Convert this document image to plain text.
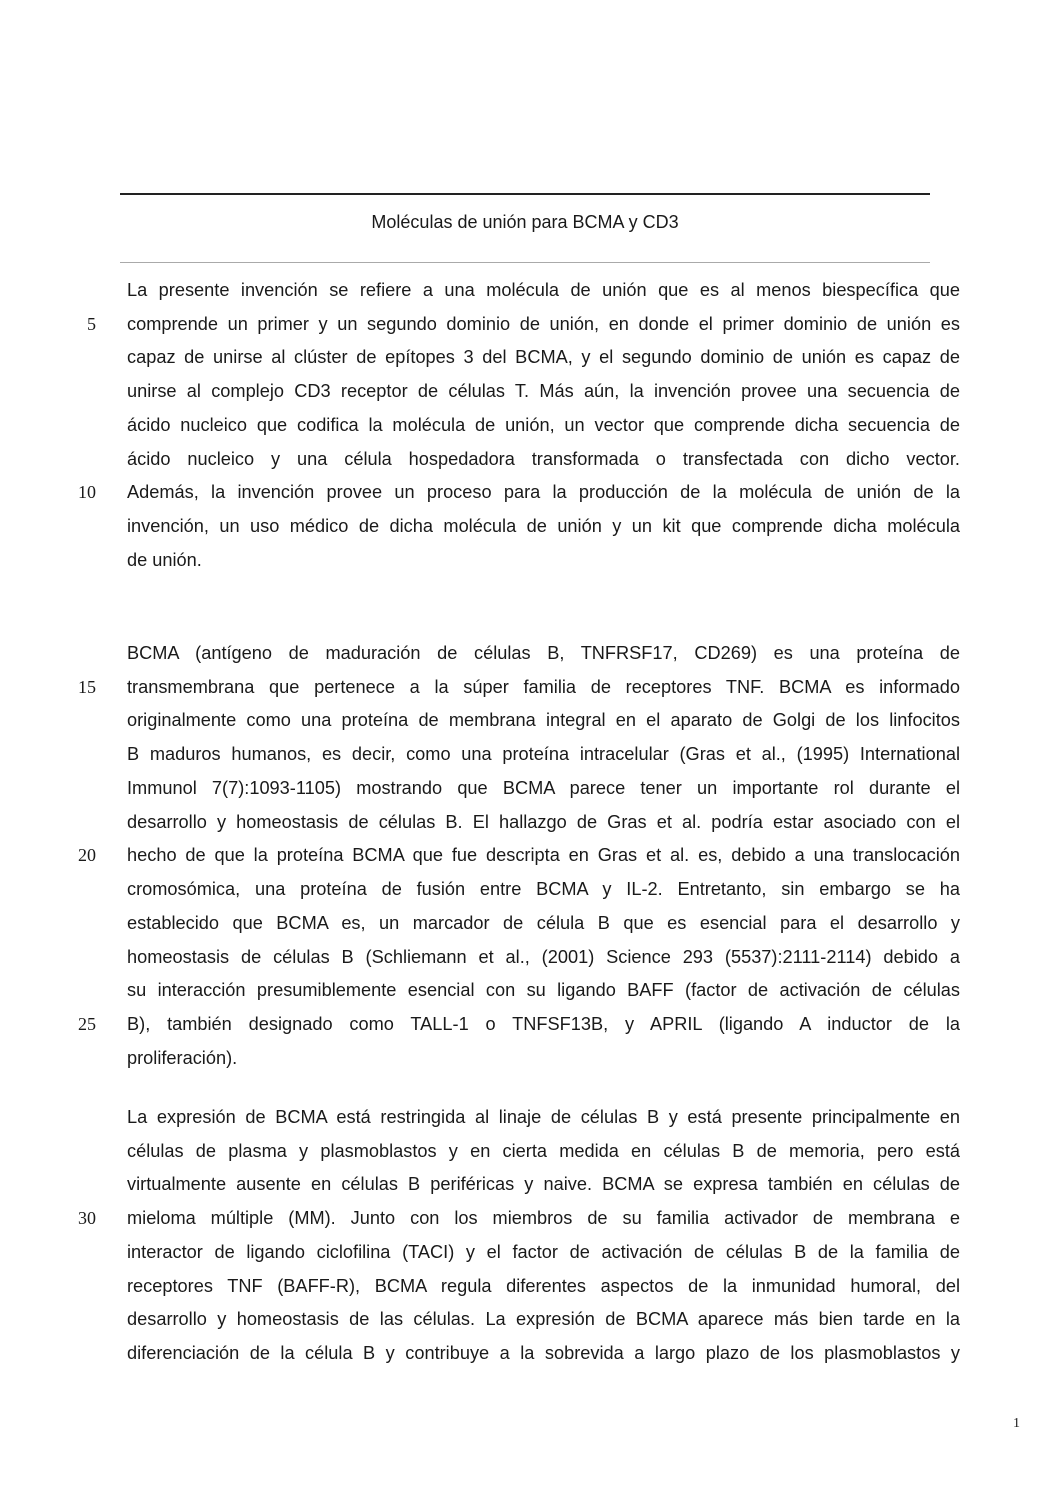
Moléculas de unión para BCMA y CD3
La presente invención se refiere a una molécula de unión que es al menos biespecífica que
comprende un primer y un segundo dominio de unión, en donde el primer dominio de unión es
capaz de unirse al clúster de epítopes 3 del BCMA, y el segundo dominio de unión es capaz de
unirse al complejo CD3 receptor de células T. Más aún, la invención provee una secuencia de
ácido nucleico que codifica la molécula de unión, un vector que comprende dicha secuencia de
ácido nucleico y una célula hospedadora transformada o transfectada con dicho vector.
Además, la invención provee un proceso para la producción de la molécula de unión de la
invención, un uso médico de dicha molécula de unión y un kit que comprende dicha molécula
de unión.
BCMA (antígeno de maduración de células B, TNFRSF17, CD269) es una proteína de
transmembrana que pertenece a la súper familia de receptores TNF. BCMA es informado
originalmente como una proteína de membrana integral en el aparato de Golgi de los linfocitos
B maduros humanos, es decir, como una proteína intracelular (Gras et al., (1995) International
Immunol 7(7):1093-1105) mostrando que BCMA parece tener un importante rol durante el
desarrollo y homeostasis de células B. El hallazgo de Gras et al. podría estar asociado con el
hecho de que la proteína BCMA que fue descripta en Gras et al. es, debido a una translocación
cromosómica, una proteína de fusión entre BCMA y IL-2. Entretanto, sin embargo se ha
establecido que BCMA es, un marcador de célula B que es esencial para el desarrollo y
homeostasis de células B (Schliemann et al., (2001) Science 293 (5537):2111-2114) debido a
su interacción presumiblemente esencial con su ligando BAFF (factor de activación de células
B), también designado como TALL-1 o TNFSF13B, y APRIL (ligando A inductor de la
proliferación).
La expresión de BCMA está restringida al linaje de células B y está presente principalmente en
células de plasma y plasmoblastos y en cierta medida en células B de memoria, pero está
virtualmente ausente en células B periféricas y naive. BCMA se expresa también en células de
mieloma múltiple (MM). Junto con los miembros de su familia activador de membrana e
interactor de ligando ciclofilina (TACI) y el factor de activación de células B de la familia de
receptores TNF (BAFF-R), BCMA regula diferentes aspectos de la inmunidad humoral, del
desarrollo y homeostasis de las células. La expresión de BCMA aparece más bien tarde en la
diferenciación de la célula B y contribuye a la sobrevida a largo plazo de los plasmoblastos y
5
10
15
20
25
30
1
